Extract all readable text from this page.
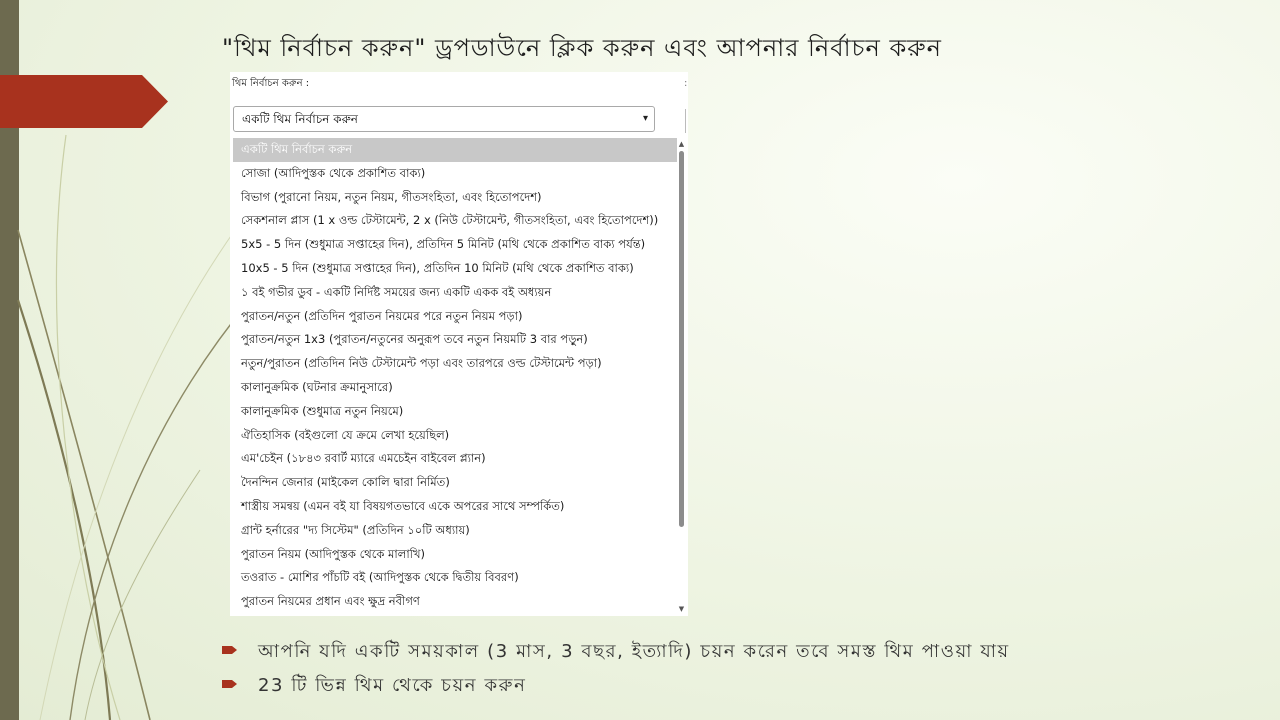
"থিম নির্বাচন করুন" ড্রপডাউনে ক্লিক করুন এবং আপনার নির্বাচন করুন
থিম নির্বাচন করুন :	:
একটি থিম নির্বাচন করুন	▾
একটি থিম নির্বাচন করুন
সোজা (আদিপুস্তক থেকে প্রকাশিত বাক্য)
বিভাগ (পুরানো নিয়ম, নতুন নিয়ম, গীতসংহিতা, এবং হিতোপদেশ)
সেকশনাল প্লাস (1 x ওল্ড টেস্টামেন্ট, 2 x (নিউ টেস্টামেন্ট, গীতসংহিতা, এবং হিতোপদেশ))
5x5 - 5 দিন (শুধুমাত্র সপ্তাহের দিন), প্রতিদিন 5 মিনিট (মথি থেকে প্রকাশিত বাক্য পর্যন্ত)
10x5 - 5 দিন (শুধুমাত্র সপ্তাহের দিন), প্রতিদিন 10 মিনিট (মথি থেকে প্রকাশিত বাক্য)
১ বই গভীর ডুব - একটি নির্দিষ্ট সময়ের জন্য একটি একক বই অধ্যয়ন
পুরাতন/নতুন (প্রতিদিন পুরাতন নিয়মের পরে নতুন নিয়ম পড়া)
পুরাতন/নতুন 1x3 (পুরাতন/নতুনের অনুরূপ তবে নতুন নিয়মটি 3 বার পড়ুন)
নতুন/পুরাতন (প্রতিদিন নিউ টেস্টামেন্ট পড়া এবং তারপরে ওল্ড টেস্টামেন্ট পড়া)
কালানুক্রমিক (ঘটনার ক্রমানুসারে)
কালানুক্রমিক (শুধুমাত্র নতুন নিয়মে)
ঐতিহাসিক (বইগুলো যে ক্রমে লেখা হয়েছিল)
এম'চেইন (১৮৪৩ রবার্ট ম্যারে এমচেইন বাইবেল প্ল্যান)
দৈনন্দিন জেনার (মাইকেল কোলি দ্বারা নির্মিত)
শাস্ত্রীয় সমন্বয় (এমন বই যা বিষয়গতভাবে একে অপরের সাথে সম্পর্কিত)
গ্রান্ট হর্নারের "দ্য সিস্টেম" (প্রতিদিন ১০টি অধ্যায়)
পুরাতন নিয়ম (আদিপুস্তক থেকে মালাখি)
তওরাত - মোশির পাঁচটি বই (আদিপুস্তক থেকে দ্বিতীয় বিবরণ)
পুরাতন নিয়মের প্রধান এবং ক্ষুদ্র নবীগণ
▲
▼
আপনি যদি একটি সময়কাল (3 মাস, 3 বছর, ইত্যাদি) চয়ন করেন তবে সমস্ত থিম পাওয়া যায়
23 টি ভিন্ন থিম থেকে চয়ন করুন
